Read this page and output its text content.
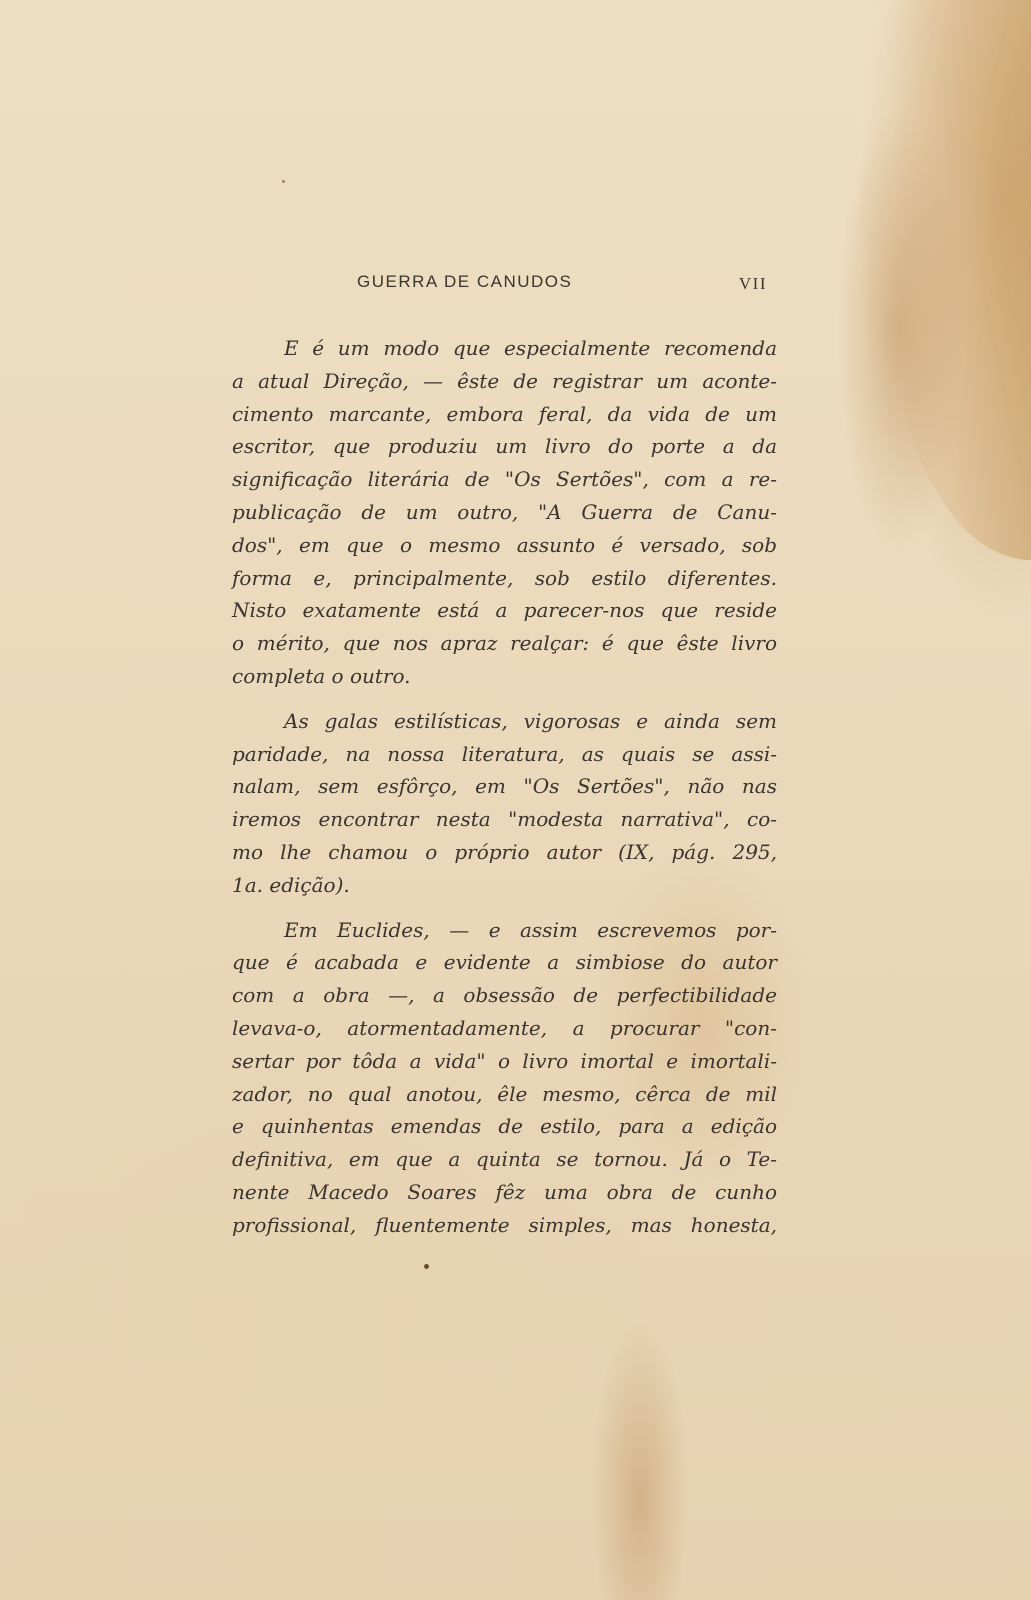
GUERRA DE CANUDOS	VII
E é um modo que especialmente recomenda
a atual Direção, — êste de registrar um aconte-
cimento marcante, embora feral, da vida de um
escritor, que produziu um livro do porte a da
significação literária de "Os Sertões", com a re-
publicação de um outro, "A Guerra de Canu-
dos", em que o mesmo assunto é versado, sob
forma e, principalmente, sob estilo diferentes.
Nisto exatamente está a parecer-nos que reside
o mérito, que nos apraz realçar: é que êste livro
completa o outro.
As galas estilísticas, vigorosas e ainda sem
paridade, na nossa literatura, as quais se assi-
nalam, sem esfôrço, em "Os Sertões", não nas
iremos encontrar nesta "modesta narrativa", co-
mo lhe chamou o próprio autor (IX, pág. 295,
1a. edição).
Em Euclides, — e assim escrevemos por-
que é acabada e evidente a simbiose do autor
com a obra —, a obsessão de perfectibilidade
levava-o, atormentadamente, a procurar "con-
sertar por tôda a vida" o livro imortal e imortali-
zador, no qual anotou, êle mesmo, cêrca de mil
e quinhentas emendas de estilo, para a edição
definitiva, em que a quinta se tornou. Já o Te-
nente Macedo Soares fêz uma obra de cunho
profissional, fluentemente simples, mas honesta,
